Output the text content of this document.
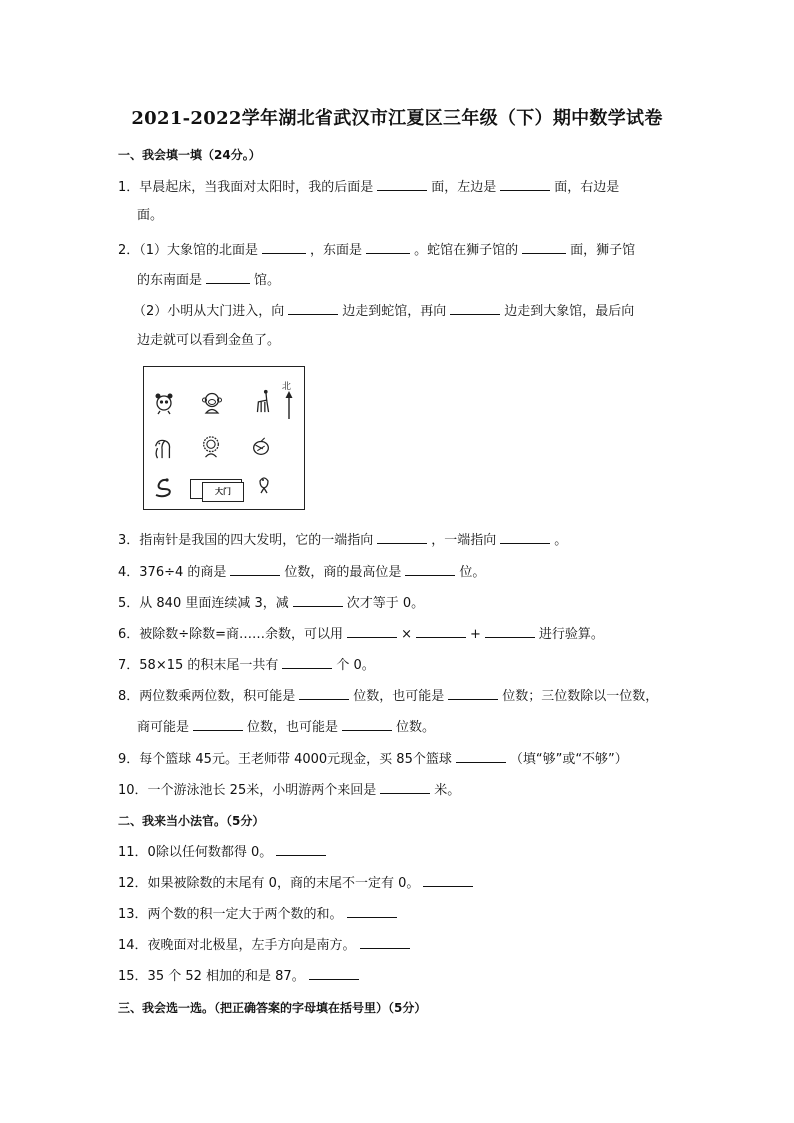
2021-2022学年湖北省武汉市江夏区三年级（下）期中数学试卷
一、我会填一填（24分。）
1．早晨起床，当我面对太阳时，我的后面是	面，左边是	面，右边是
面。
2．（1）大象馆的北面是	，东面是	。蛇馆在狮子馆的	面，狮子馆
的东南面是	馆。
（2）小明从大门进入，向	边走到蛇馆，再向	边走到大象馆，最后向
边走就可以看到金鱼了。
北
大门
3．指南针是我国的四大发明，它的一端指向	，一端指向	。
4．376÷4 的商是	位数，商的最高位是	位。
5．从 840 里面连续减 3，减	次才等于 0。
6．被除数÷除数=商……余数，可以用	×	+	进行验算。
7．58×15 的积末尾一共有	个 0。
8．两位数乘两位数，积可能是	位数，也可能是	位数；三位数除以一位数，
商可能是	位数，也可能是	位数。
9．每个篮球 45元。王老师带 4000元现金，买 85个篮球	（填“够”或“不够”）
10．一个游泳池长 25米，小明游两个来回是	米。
二、我来当小法官。（5分）
11．0除以任何数都得 0。
12．如果被除数的末尾有 0，商的末尾不一定有 0。
13．两个数的积一定大于两个数的和。
14．夜晚面对北极星，左手方向是南方。
15．35 个 52 相加的和是 87。
三、我会选一选。（把正确答案的字母填在括号里）（5分）
